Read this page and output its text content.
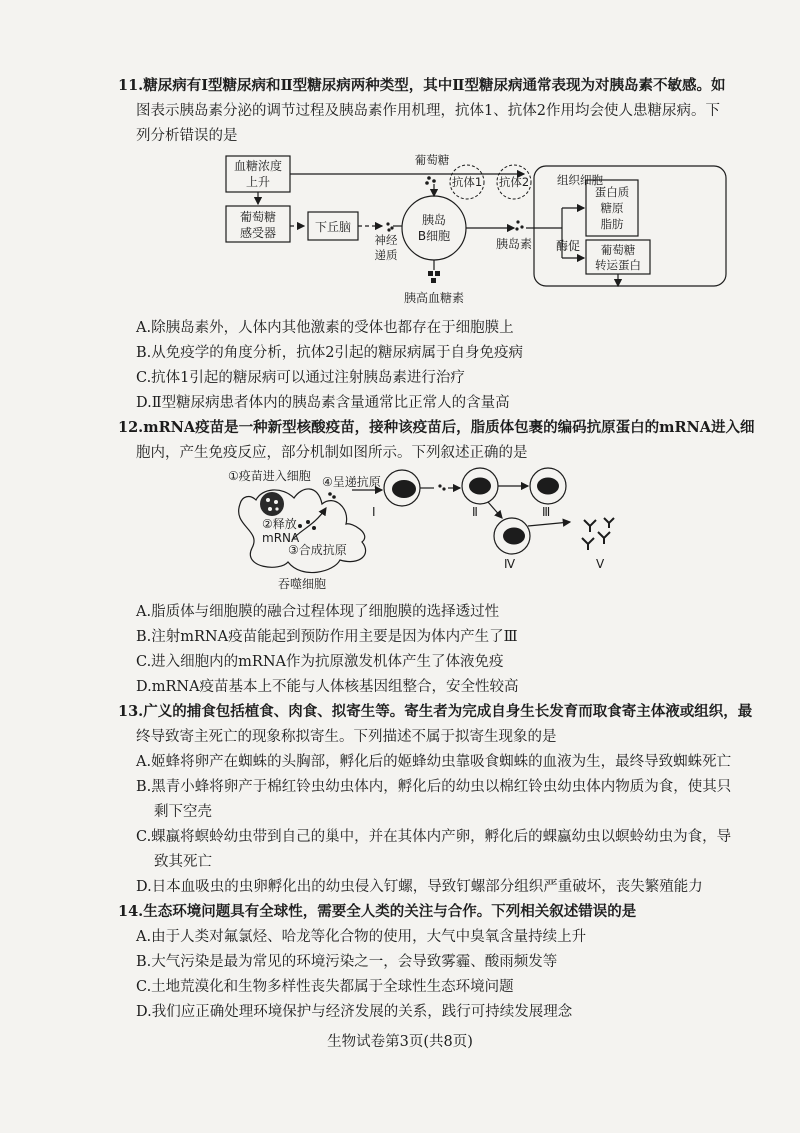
11.糖尿病有Ⅰ型糖尿病和Ⅱ型糖尿病两种类型，其中Ⅱ型糖尿病通常表现为对胰岛素不敏感。如
图表示胰岛素分泌的调节过程及胰岛素作用机理，抗体1、抗体2作用均会使人患糖尿病。下
列分析错误的是
血糖浓度
上升
葡萄糖
感受器	下丘脑
神经
递质
胰岛
B细胞
葡萄糖
抗体1 抗体2
胰岛素
组织细胞
酶促
蛋白质
糖原
脂肪
葡萄糖
转运蛋白
胰高血糖素
A.除胰岛素外，人体内其他激素的受体也都存在于细胞膜上
B.从免疫学的角度分析，抗体2引起的糖尿病属于自身免疫病
C.抗体1引起的糖尿病可以通过注射胰岛素进行治疗
D.Ⅱ型糖尿病患者体内的胰岛素含量通常比正常人的含量高
12.mRNA疫苗是一种新型核酸疫苗，接种该疫苗后，脂质体包裹的编码抗原蛋白的mRNA进入细
胞内，产生免疫反应，部分机制如图所示。下列叙述正确的是
①疫苗进入细胞 ④呈递抗原
②释放
mRNA
③合成抗原
吞噬细胞
Ⅰ	Ⅱ	Ⅲ
Ⅳ	Ⅴ
A.脂质体与细胞膜的融合过程体现了细胞膜的选择透过性
B.注射mRNA疫苗能起到预防作用主要是因为体内产生了Ⅲ
C.进入细胞内的mRNA作为抗原激发机体产生了体液免疫
D.mRNA疫苗基本上不能与人体核基因组整合，安全性较高
13.广义的捕食包括植食、肉食、拟寄生等。寄生者为完成自身生长发育而取食寄主体液或组织，最
终导致寄主死亡的现象称拟寄生。下列描述不属于拟寄生现象的是
A.姬蜂将卵产在蜘蛛的头胸部，孵化后的姬蜂幼虫靠吸食蜘蛛的血液为生，最终导致蜘蛛死亡
B.黑青小蜂将卵产于棉红铃虫幼虫体内，孵化后的幼虫以棉红铃虫幼虫体内物质为食，使其只
剩下空壳
C.蜾蠃将螟蛉幼虫带到自己的巢中，并在其体内产卵，孵化后的蜾蠃幼虫以螟蛉幼虫为食，导
致其死亡
D.日本血吸虫的虫卵孵化出的幼虫侵入钉螺，导致钉螺部分组织严重破坏，丧失繁殖能力
14.生态环境问题具有全球性，需要全人类的关注与合作。下列相关叙述错误的是
A.由于人类对氟氯烃、哈龙等化合物的使用，大气中臭氧含量持续上升
B.大气污染是最为常见的环境污染之一，会导致雾霾、酸雨频发等
C.土地荒漠化和生物多样性丧失都属于全球性生态环境问题
D.我们应正确处理环境保护与经济发展的关系，践行可持续发展理念
生物试卷第3页(共8页)
